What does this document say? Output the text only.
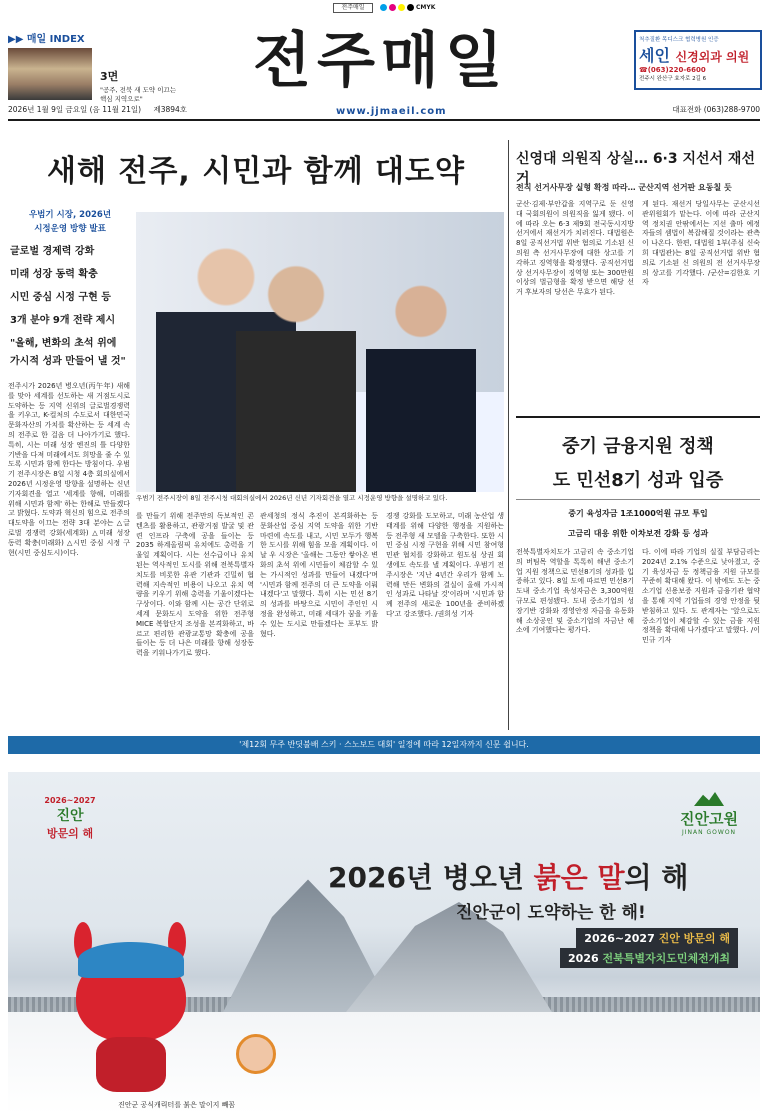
전주매일	CMYK
▶▶ 매일 INDEX
3면
"공주, 전북 새 도약 이끄는 핵심 지역으로"
전주매일
www.jjmaeil.com
척추질환 목디스크 협력병원 인증
세인 신경외과 의원
☎(063)220-6600
전주시 완산구 효자로 2길 6
2026년 1월 9일 금요일 (음 11월 21일) 제3894호	대표전화 (063)288-9700
새해 전주, 시민과 함께 대도약
우범기 시장, 2026년
시정운영 방향 발표
글로벌 경제력 강화
미래 성장 동력 확충
시민 중심 시정 구현 등
3개 분야 9개 전략 제시
"올해, 변화의 초석 위에
가시적 성과 만들어 낼 것"
우범기 전주시장이 8일 전주시청 대회의실에서 2026년 신년 기자회견을 열고 시정운영 방향을 설명하고 있다.
전주시가 2026년 병오년(丙午年) 새해를 맞아 세계를 선도하는 새 거점도시로 도약하는 등 지역 신위의 글로벌경쟁력을 키우고, K-컬처의 수도로서 대한민국 문화자산의 가치를 확산하는 등 세계 속의 전주로 한 걸음 더 나아가기로 했다. 특히, 시는 미래 성장 엔진의 틀 다양한 기반을 다져 미래에서도 희망을 줄 수 있도록 시민과 함께 한다는 방침이다. 우범기 전주시장은 8일 시청 4층 회의실에서 2026년 시정운영 방향을 설명하는 신년 기자회견을 열고 '세계를 향해, 미래를 위해 시민과 함께' 하는 한해로 만들겠다고 밝혔다. 도약과 혁신의 힘으로 전주의 대도약을 이끄는 전략 3대 분야는 △글로벌 경쟁력 강화(세계화) △미래 성장 동력 확충(미래화) △시민 중심 시정 구현(시민 중심도시)이다.
를 만들기 위해 전주만의 독보적인 콘텐츠를 활용하고, 관광거점 발굴 및 관련 인프라 구축에 공을 들이는 등 2035 하계올림픽 유치에도 총력을 기울일 계획이다. 시는 선수급이나 유치된는 역사적인 도시를 위해 전북특별자치도를 비롯한 유관 기관과 긴밀히 협력해 지속적인 비용이 나오고 유치 역량을 키우기 위해 총력을 기울이겠다는 구상이다. 이와 함께 시는 공간 단위로 세계 문화도시 도약을 위한 전주형 MICE 복합단지 조성을 본격화하고, 바르고 편리한 관광교통망 확충에 공을 들이는 등 더 나은 미래를 향해 성장동력을 키워나가기로 했다.
관세청의 정식 추진이 본격화하는 등 문화산업 중심 지역 도약을 위한 기반 마련에 속도를 내고, 시민 모두가 행복한 도시를 위해 힘을 모을 계획이다. 이날 우 시장은 '올해는 그동안 쌓아온 변화의 초석 위에 시민들이 체감할 수 있는 가시적인 성과를 만들어 내겠다'며 '시민과 함께 전주의 더 큰 도약을 이뤄내겠다'고 말했다. 특히 시는 민선 8기의 성과를 바탕으로 시민이 주인인 시정을 완성하고, 미래 세대가 꿈을 키울 수 있는 도시로 만들겠다는 포부도 밝혔다.
경쟁 강화를 도모하고, 미래 농산업 생태계를 위해 다양한 행정을 지원하는 등 전주형 새 모델을 구축한다. 또한 시민 중심 시정 구현을 위해 시민 참여형 민관 협치를 강화하고 원도심 상권 회생에도 속도를 낼 계획이다. 우범기 전주시장은 '지난 4년간 우리가 함께 노력해 만든 변화의 결실이 올해 가시적인 성과로 나타날 것'이라며 '시민과 함께 전주의 새로운 100년을 준비하겠다'고 강조했다. /권희성 기자
신영대 의원직 상실… 6·3 지선서 재선거
전직 선거사무장 실형 확정 따라… 군산지역 선거판 요동칠 듯
군산·김제·부안갑을 지역구로 둔 신영대 국회의원이 의원직을 잃게 됐다. 이에 따라 오는 6·3 제9회 전국동시지방선거에서 재선거가 치러진다. 대법원은 8일 공직선거법 위반 혐의로 기소된 신 의원 측 선거사무장에 대한 상고를 기각하고 징역형을 확정했다. 공직선거법상 선거사무장이 징역형 또는 300만원 이상의 벌금형을 확정 받으면 해당 선거 후보자의 당선은 무효가 된다.
게 된다. 재선거 당일사무는 군산시선관위원회가 맡는다. 이에 따라 군산지역 정치권 안팎에서는 지선 출마 예정자들의 셈법이 복잡해질 것이라는 관측이 나온다. 한편, 대법원 1부(주심 신숙희 대법관)는 8일 공직선거법 위반 혐의로 기소된 신 의원의 전 선거사무장의 상고를 기각했다. /군산=김한호 기자
중기 금융지원 정책
도 민선8기 성과 입증
중기 육성자금 1조1000억원 규모 투입
고금리 대응 위한 이차보전 강화 등 성과
전북특별자치도가 고금리 속 중소기업의 버팀목 역할을 톡톡히 해낸 중소기업 지원 정책으로 민선8기의 성과를 입증하고 있다. 8일 도에 따르면 민선8기 도내 중소기업 육성자금은 3,300억원 규모로 편성됐다. 도내 중소기업의 성장기반 강화와 경영안정 자금을 유동화해 소상공인 및 중소기업의 자금난 해소에 기여했다는 평가다.
다. 이에 따라 기업의 실질 부담금리는 2024년 2.1% 수준으로 낮아졌고, 중기 육성자금 등 정책금융 지원 규모를 꾸준히 확대해 왔다. 이 밖에도 도는 중소기업 신용보증 지원과 금융기관 협약을 통해 지역 기업들의 경영 안정을 뒷받침하고 있다. 도 관계자는 '앞으로도 중소기업이 체감할 수 있는 금융 지원 정책을 확대해 나가겠다'고 말했다. /이민규 기자
'제12회 무주 반딧불배 스키 · 스노보드 대회' 일정에 따라 12일자까지 신문 쉽니다.
2026~2027
진안
방문의 해
진안고원
JINAN GOWON
2026년 병오년 붉은 말의 해
진안군이 도약하는 한 해!
2026~2027 진안 방문의 해
2026 전북특별자치도민체전개최
진안군 공식캐릭터를 붉은 말이지 빼꼼
